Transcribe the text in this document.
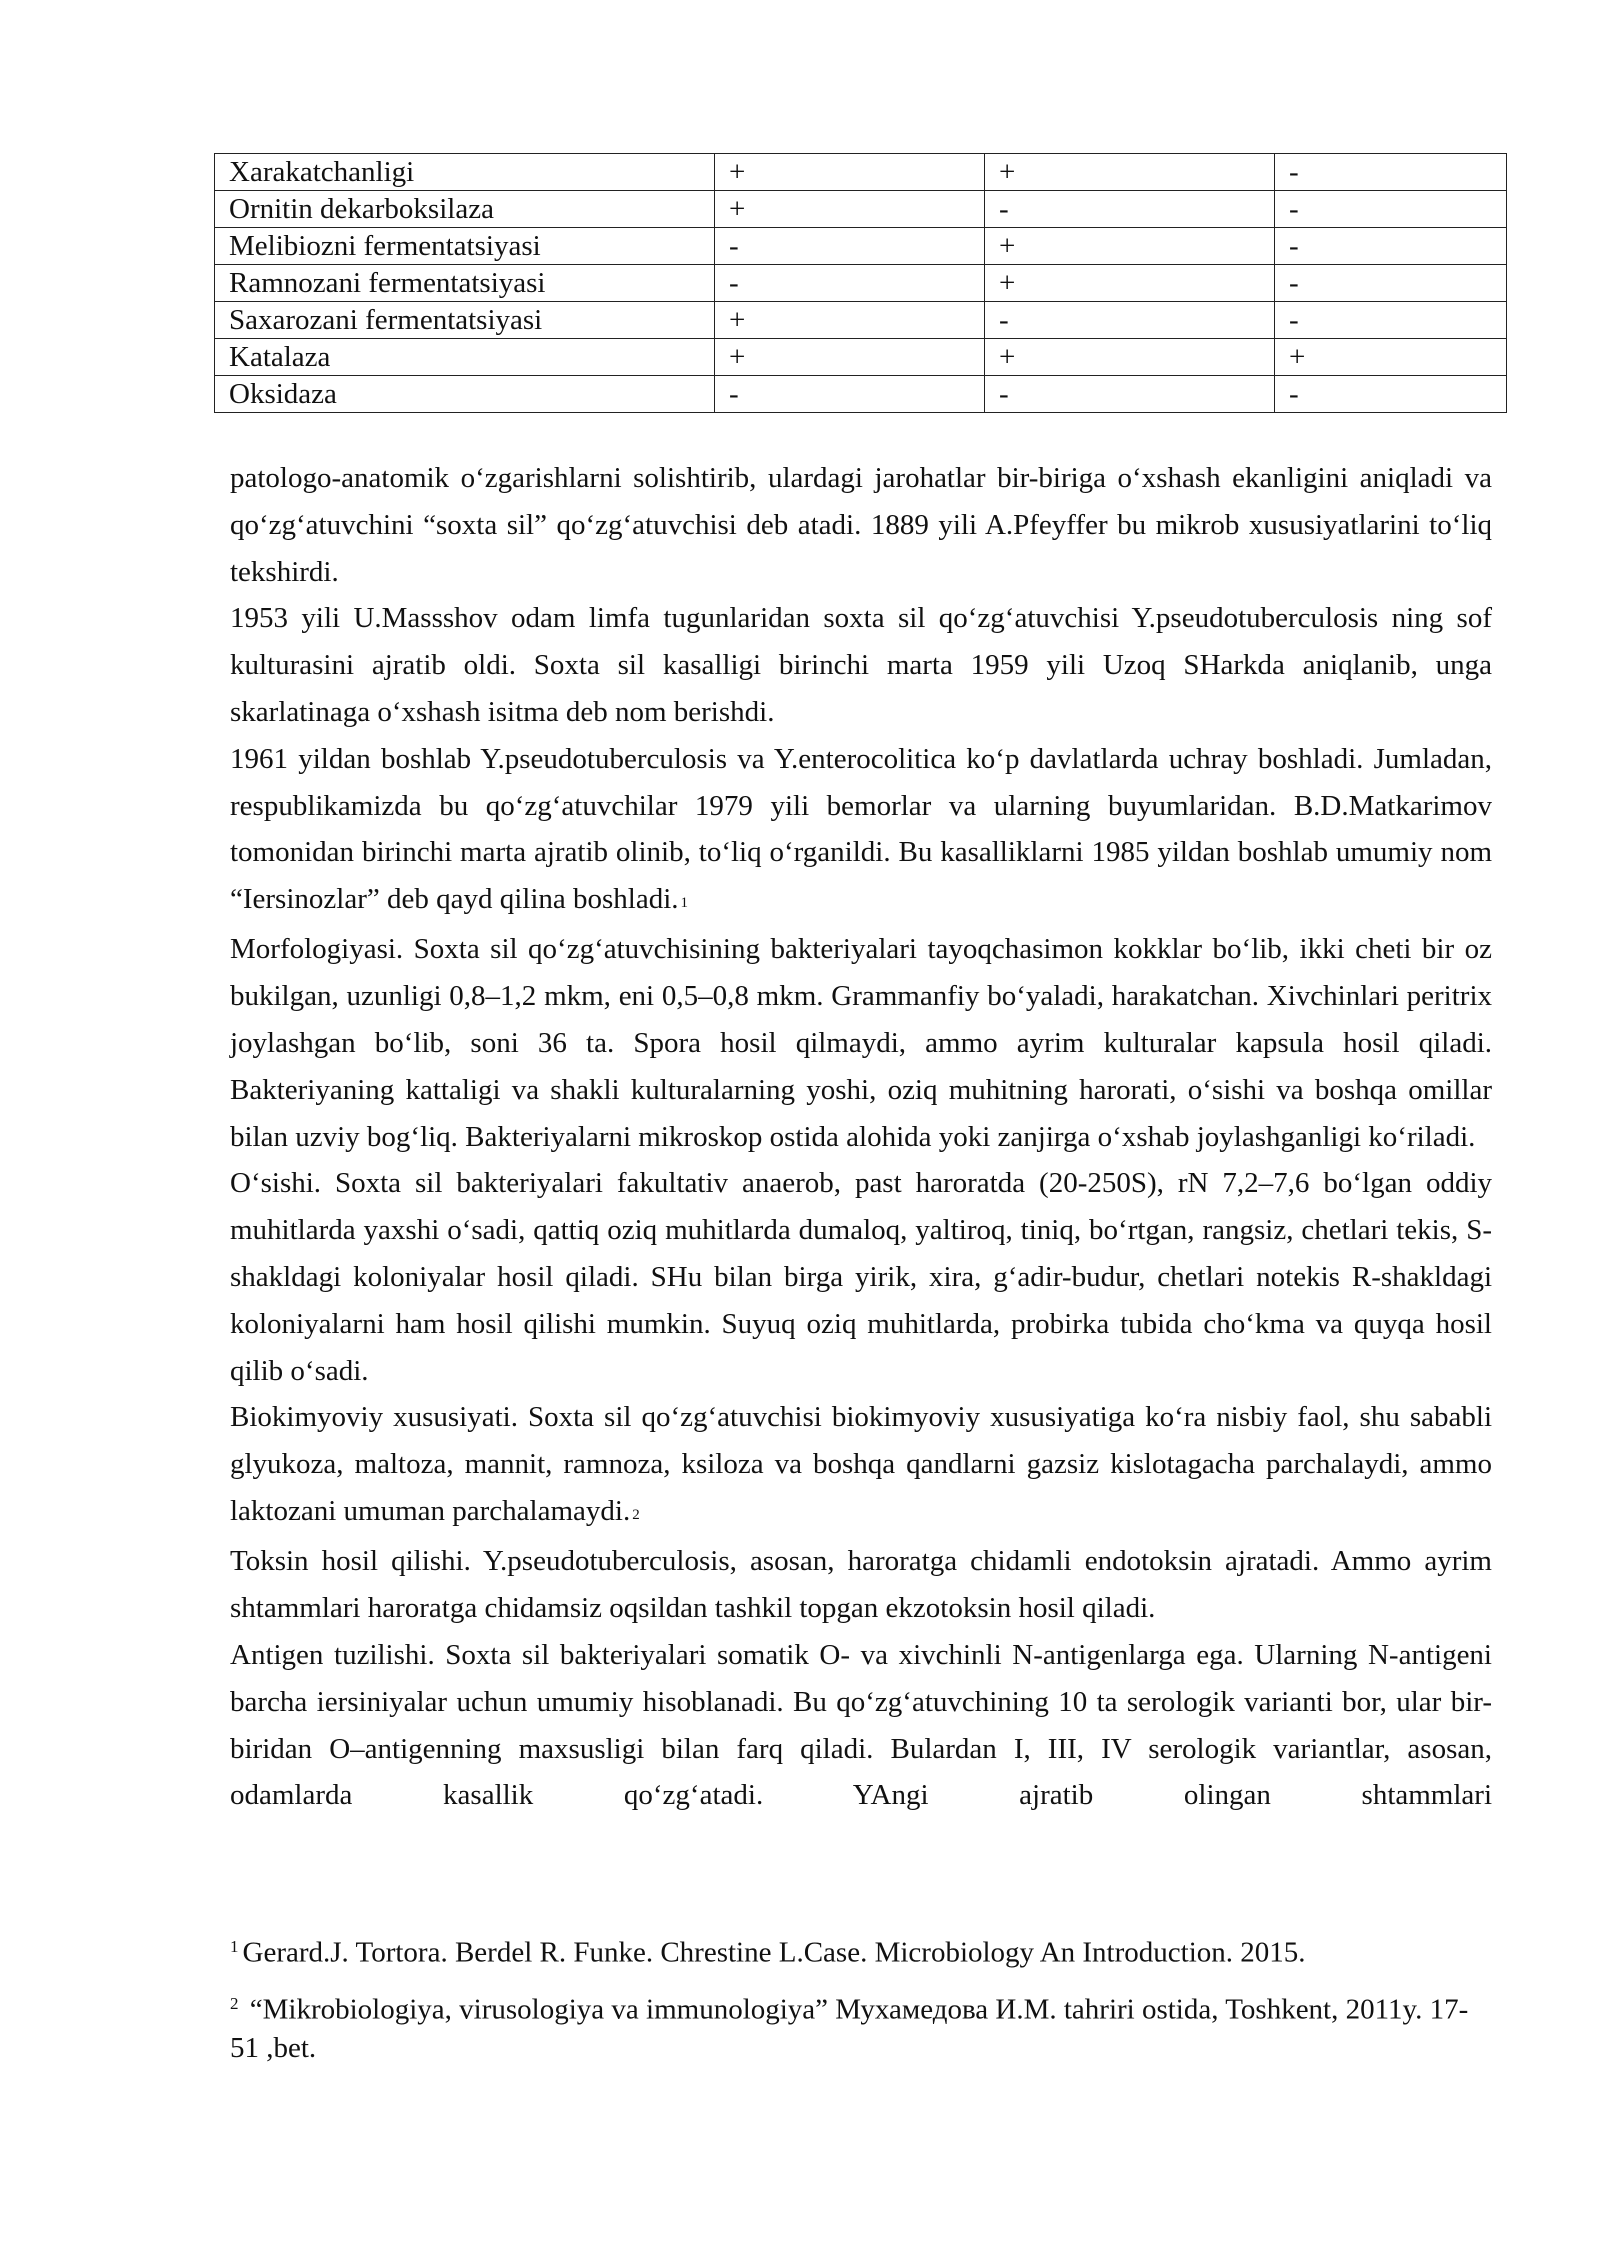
Xarakatchanligi	+	+	-
Ornitin dekarboksilaza	+	-	-
Melibiozni fermentatsiyasi	-	+	-
Ramnozani fermentatsiyasi	-	+	-
Saxarozani fermentatsiyasi	+	-	-
Katalaza	+	+	+
Oksidaza	-	-	-

patologo-anatomik o‘zgarishlarni solishtirib, ulardagi jarohatlar bir-biriga o‘xshash ekanligini aniqladi va qo‘zg‘atuvchini “soxta sil” qo‘zg‘atuvchisi deb atadi. 1889 yili A.Pfeyffer bu mikrob xususiyatlarini to‘liq tekshirdi.

1953 yili U.Massshov odam limfa tugunlaridan soxta sil qo‘zg‘atuvchisi Y.pseudotuberculosis ning sof kulturasini ajratib oldi. Soxta sil kasalligi birinchi marta 1959 yili Uzoq SHarkda aniqlanib, unga skarlatinaga o‘xshash isitma deb nom berishdi.

1961 yildan boshlab Y.pseudotuberculosis va Y.enterocolitica ko‘p davlatlarda uchray boshladi. Jumladan, respublikamizda bu qo‘zg‘atuvchilar 1979 yili bemorlar va ularning buyumlaridan. B.D.Matkarimov tomonidan birinchi marta ajratib olinib, to‘liq o‘rganildi. Bu kasalliklarni 1985 yildan boshlab umumiy nom “Iersinozlar” deb qayd qilina boshladi. $^1$

Morfologiyasi. Soxta sil qo‘zg‘atuvchisining bakteriyalari tayoqchasimon kokklar bo‘lib, ikki cheti bir oz bukilgan, uzunligi 0,8–1,2 mkm, eni 0,5–0,8 mkm. Grammanfiy bo‘yaladi, harakatchan. Xivchinlari peritrix joylashgan bo‘lib, soni 36 ta. Spora hosil qilmaydi, ammo ayrim kulturalar kapsula hosil qiladi. Bakteriyaning kattaligi va shakli kulturalarning yoshi, oziq muhitning harorati, o‘sishi va boshqa omillar bilan uzviy bog‘liq. Bakteriyalarni mikroskop ostida alohida yoki zanjirga o‘xshab joylashganligi ko‘riladi.

O‘sishi. Soxta sil bakteriyalari fakultativ anaerob, past haroratda (20-250S), rN 7,2–7,6 bo‘lgan oddiy muhitlarda yaxshi o‘sadi, qattiq oziq muhitlarda dumaloq, yaltiroq, tiniq, bo‘rtgan, rangsiz, chetlari tekis, S-shakldagi koloniyalar hosil qiladi. SHu bilan birga yirik, xira, g‘adir-budur, chetlari notekis R-shakldagi koloniyalarni ham hosil qilishi mumkin. Suyuq oziq muhitlarda, probirka tubida cho‘kma va quyqa hosil qilib o‘sadi.

Biokimyoviy xususiyati. Soxta sil qo‘zg‘atuvchisi biokimyoviy xususiyatiga ko‘ra nisbiy faol, shu sababli glyukoza, maltoza, mannit, ramnoza, ksiloza va boshqa qandlarni gazsiz kislotagacha parchalaydi, ammo laktozani umuman parchalamaydi. $^2$

Toksin hosil qilishi. Y.pseudotuberculosis, asosan, haroratga chidamli endotoksin ajratadi. Ammo ayrim shtammlari haroratga chidamsiz oqsildan tashkil topgan ekzotoksin hosil qiladi.

Antigen tuzilishi. Soxta sil bakteriyalari somatik O- va xivchinli N-antigenlarga ega. Ularning N-antigeni barcha iersiniyalar uchun umumiy hisoblanadi. Bu qo‘zg‘atuvchining 10 ta serologik varianti bor, ular bir-biridan O–antigenning maxsusligi bilan farq qiladi. Bulardan I, III, IV serologik variantlar, asosan, odamlarda kasallik qo‘zg‘atadi. YAngi ajratib olingan shtammlari

$^1$ Gerard.J. Tortora. Berdel R. Funke. Chrestine L.Case. Microbiology An Introduction. 2015.

$^2$ “Mikrobiologiya, virusologiya va immunologiya” Мухамедова И.М. tahriri ostida, Toshkent, 2011y. 17-51 ,bet.
